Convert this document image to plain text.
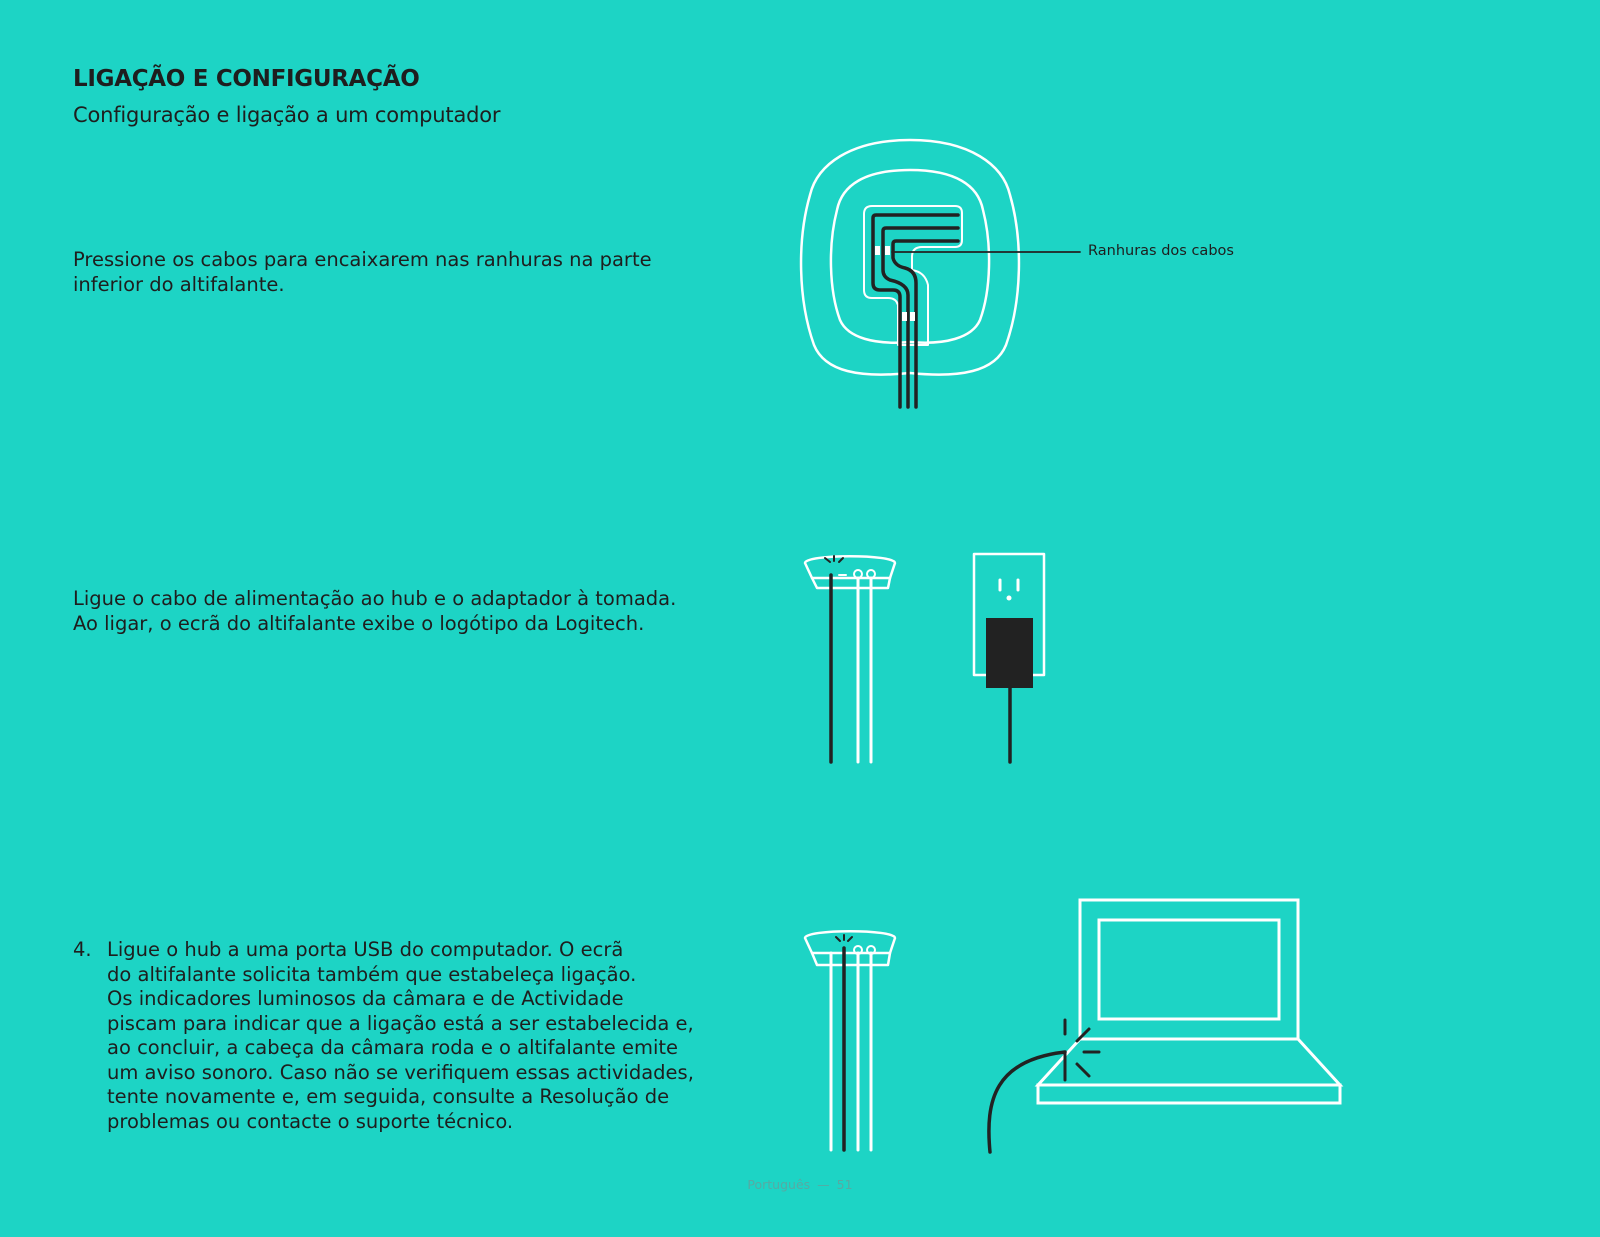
LIGAÇÃO E CONFIGURAÇÃO
Configuração e ligação a um computador
Pressione os cabos para encaixarem nas ranhuras na parte
inferior do altifalante.
Ligue o cabo de alimentação ao hub e o adaptador à tomada.
Ao ligar, o ecrã do altifalante exibe o logótipo da Logitech.
4. Ligue o hub a uma porta USB do computador. O ecrã
do altifalante solicita também que estabeleça ligação.
Os indicadores luminosos da câmara e de Actividade
piscam para indicar que a ligação está a ser estabelecida e,
ao concluir, a cabeça da câmara roda e o altifalante emite
um aviso sonoro. Caso não se verifiquem essas actividades,
tente novamente e, em seguida, consulte a Resolução de
problemas ou contacte o suporte técnico.
Ranhuras dos cabos
Português — 51
